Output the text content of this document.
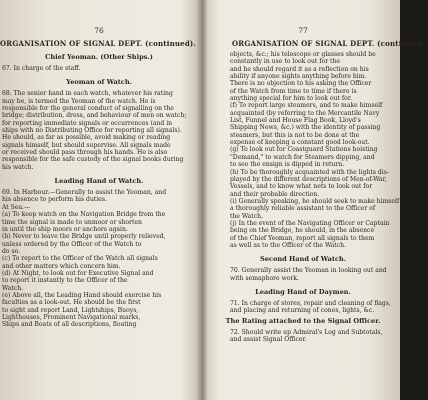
76
ORGANISATION OF SIGNAL DEPT. (continued).
Chief Yeoman. (Other Ships.)
67. In charge of the staff.
Yeoman of Watch.
68. The senior hand in each watch, whatever his rating
may be, is termed the Yeoman of the watch. He is
responsible for the general conduct of signalling on the
bridge; distribution, dress, and behaviour of men on watch;
for reporting immediate signals or occurrences (and in
ships with no Distributing Office for reporting all signals).
He should, as far as possible, avoid making or reading
signals himself, but should supervise. All signals made
or received should pass through his hands. He is also
responsible for the safe custody of the signal books during
his watch.
Leading Hand of Watch.
69. In Harbour.—Generally to assist the Yeoman, and
his absence to perform his duties.
At Sea.—
(a) To keep watch on the Navigation Bridge from the
time the signal is made to unmoor or shorten
in until the ship moors or anchors again.
(b) Never to leave the Bridge until properly relieved,
unless ordered by the Officer of the Watch to
do so.
(c) To report to the Officer of the Watch all signals
and other matters which concern him.
(d) At Night, to look out for Executive Signal and
to report it instantly to the Officer of the
Watch.
(e) Above all, the Leading Hand should exercise his
faculties as a look-out. He should be the first
to sight and report Land, Lightships, Buoys,
Lighthouses, Prominent Navigational marks,
Ships and Boats of all descriptions, floating
77
ORGANISATION OF SIGNAL DEPT. (continued).
objects, &c.; his telescope or glasses should be
constantly in use to look out for the
and he should regard it as a reflection on his
ability if anyone sights anything before him.
There is no objection to his asking the Officer
of the Watch from time to time if there is
anything special for him to look out for.
(f) To report large steamers, and to make himself
acquainted (by referring to the Mercantile Navy
List, Funnel and House Flag Book, Lloyd's
Shipping News, &c.) with the identity of passing
steamers, but this is not to be done at the
expense of keeping a constant good look-out.
(g) To look out for Coastguard Stations hoisting
"Demand," to watch for Steamers dipping, and
to see the ensign is dipped in return.
(h) To be thoroughly acquainted with the lights dis-
played by the different descriptions of Men-of-War,
Vessels, and to know what nets to look out for
and their probable direction.
(i) Generally speaking, he should seek to make himself
a thoroughly reliable assistant to the Officer of
the Watch.
(j) In the event of the Navigating Officer or Captain
being on the Bridge, he should, in the absence
of the Chief Yeoman, report all signals to them
as well as to the Officer of the Watch.
Second Hand of Watch.
70. Generally assist the Yeoman in looking out and
with semaphore work.
Leading Hand of Daymen.
71. In charge of stores, repair and cleaning of flags,
and placing and returning of cones, lights, &c.
The Rating attached to the Signal Officer.
72. Should write up Admiral's Log and Subtotals,
and assist Signal Officer.
